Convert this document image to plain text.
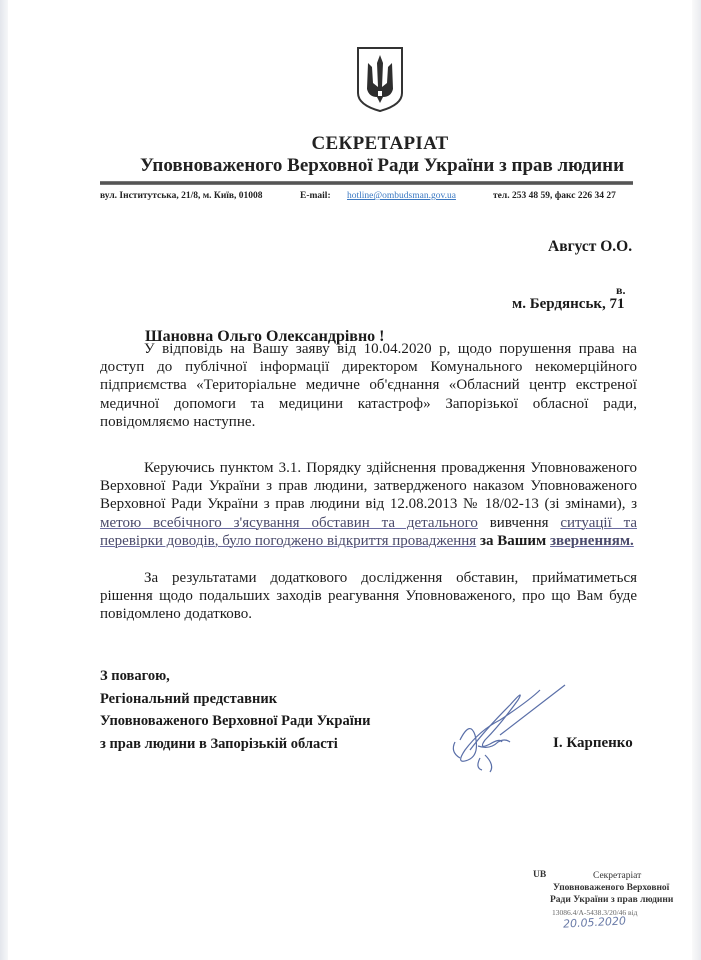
СЕКРЕТАРІАТ
Уповноваженого Верховної Ради України з прав людини
вул. Інститутська, 21/8, м. Київ, 01008	E-mail: hotline@ombudsman.gov.ua	тел. 253 48 59, факс 226 34 27
Август О.О.
в.
м. Бердянськ, 71
Шановна Ольго Олександрівно !
У відповідь на Вашу заяву від 10.04.2020 р, щодо порушення права на доступ до публічної інформації директором Комунального некомерційного підприємства «Територіальне медичне об'єднання «Обласний центр екстреної медичної допомоги та медицини катастроф» Запорізької обласної ради, повідомляємо наступне.
Керуючись пунктом 3.1. Порядку здійснення провадження Уповноваженого Верховної Ради України з прав людини, затвердженого наказом Уповноваженого Верховної Ради України з прав людини від 12.08.2013 № 18/02-13 (зі змінами), з метою всебічного з'ясування обставин та детального вивчення ситуації та перевірки доводів, було погоджено відкриття провадження за Вашим зверненням.
За результатами додаткового дослідження обставин, прийматиметься рішення щодо подальших заходів реагування Уповноваженого, про що Вам буде повідомлено додатково.
З повагою,
Регіональний представник
Уповноваженого Верховної Ради України
з прав людини в Запорізькій області	І. Карпенко
UB	Секретаріат
Уповноваженого Верховної
Ради України з прав людини
13086.4/А-5438.3/20/46 від
20.05.2020
